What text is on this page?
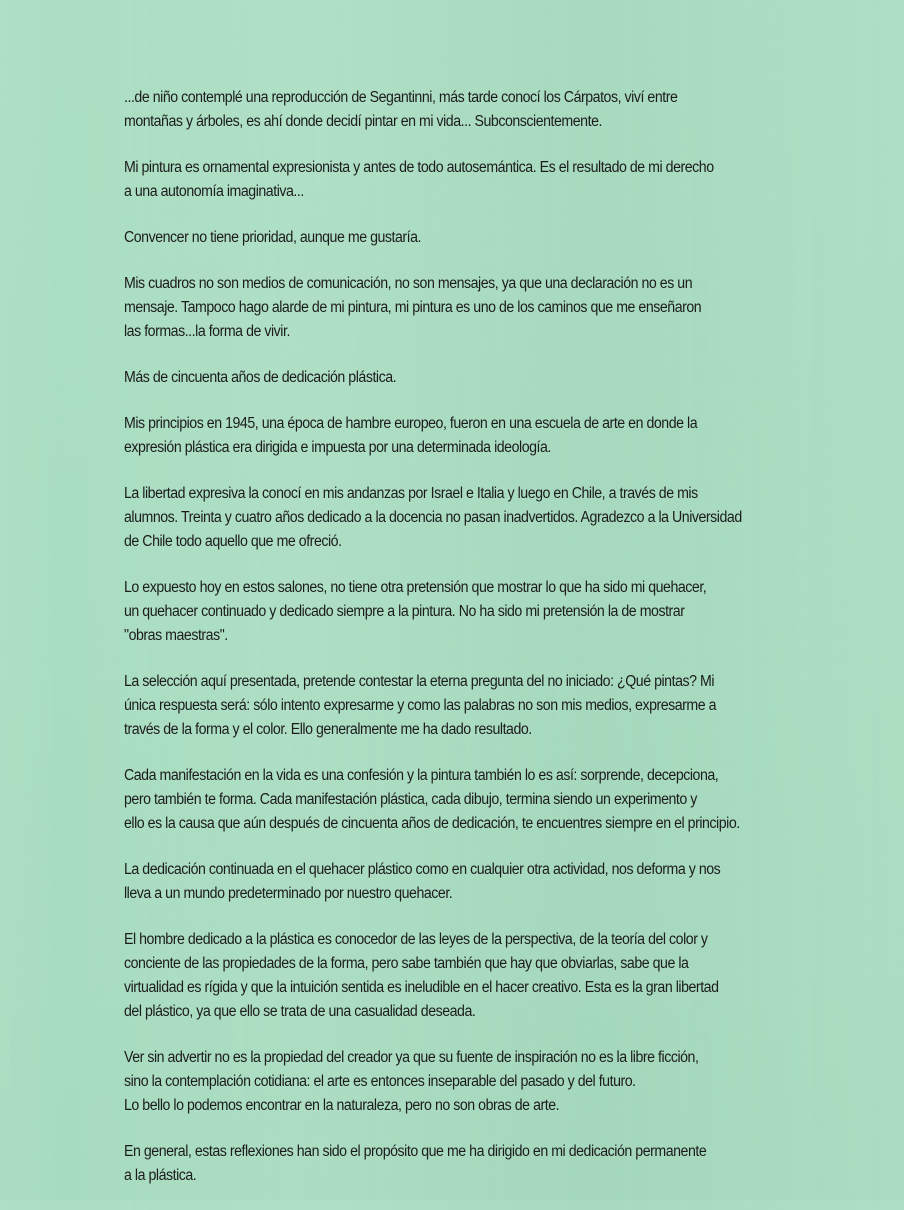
...de niño contemplé una reproducción de Segantinni, más tarde conocí los Cárpatos, viví entre
montañas y árboles, es ahí donde decidí pintar en mi vida... Subconscientemente.

Mi pintura es ornamental expresionista y antes de todo autosemántica. Es el resultado de mi derecho
a una autonomía imaginativa...

Convencer no tiene prioridad, aunque me gustaría.

Mis cuadros no son medios de comunicación, no son mensajes, ya que una declaración no es un
mensaje. Tampoco hago alarde de mi pintura, mi pintura es uno de los caminos que me enseñaron
las formas...la forma de vivir.

Más de cincuenta años de dedicación plástica.

Mis principios en 1945, una época de hambre europeo, fueron en una escuela de arte en donde la
expresión plástica era dirigida e impuesta por una determinada ideología.

La libertad expresiva la conocí en mis andanzas por Israel e Italia y luego en Chile, a través de mis
alumnos. Treinta y cuatro años dedicado a la docencia no pasan inadvertidos. Agradezco a la Universidad
de Chile todo aquello que me ofreció.

Lo expuesto hoy en estos salones, no tiene otra pretensión que mostrar lo que ha sido mi quehacer,
un quehacer continuado y dedicado siempre a la pintura. No ha sido mi pretensión la de mostrar
"obras maestras".

La selección aquí presentada, pretende contestar la eterna pregunta del no iniciado: ¿Qué pintas? Mi
única respuesta será: sólo intento expresarme y como las palabras no son mis medios, expresarme a
través de la forma y el color. Ello generalmente me ha dado resultado.

Cada manifestación en la vida es una confesión y la pintura también lo es así: sorprende, decepciona,
pero también te forma. Cada manifestación plástica, cada dibujo, termina siendo un experimento y
ello es la causa que aún después de cincuenta años de dedicación, te encuentres siempre en el principio.

La dedicación continuada en el quehacer plástico como en cualquier otra actividad, nos deforma y nos
lleva a un mundo predeterminado por nuestro quehacer.

El hombre dedicado a la plástica es conocedor de las leyes de la perspectiva, de la teoría del color y
conciente de las propiedades de la forma, pero sabe también que hay que obviarlas, sabe que la
virtualidad es rígida y que la intuición sentida es ineludible en el hacer creativo. Esta es la gran libertad
del plástico, ya que ello se trata de una casualidad deseada.

Ver sin advertir no es la propiedad del creador ya que su fuente de inspiración no es la libre ficción,
sino la contemplación cotidiana: el arte es entonces inseparable del pasado y del futuro.
Lo bello lo podemos encontrar en la naturaleza, pero no son obras de arte.

En general, estas reflexiones han sido el propósito que me ha dirigido en mi dedicación permanente
a la plástica.
